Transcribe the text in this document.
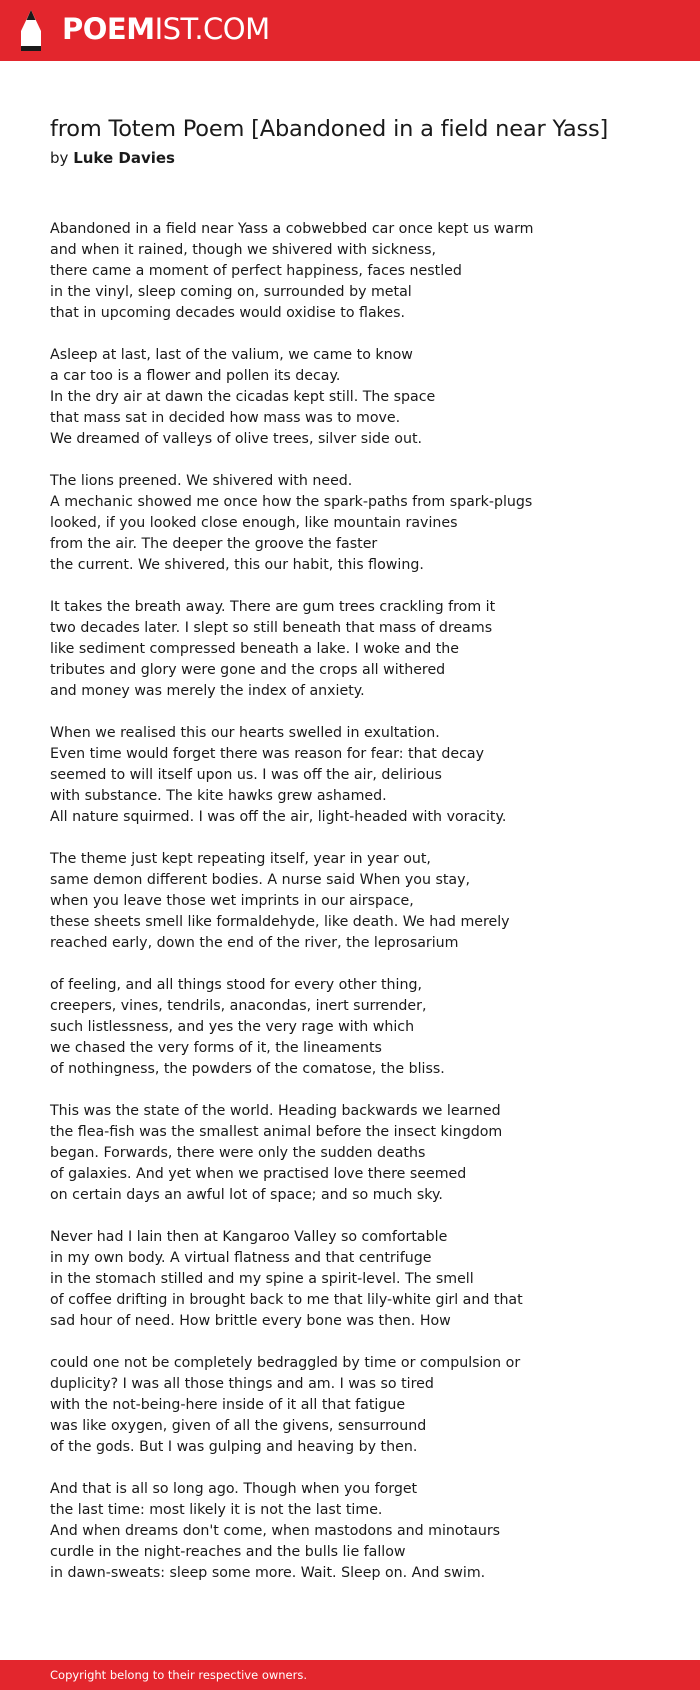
POEMIST.COM
from Totem Poem [Abandoned in a field near Yass]
by Luke Davies
Abandoned in a field near Yass a cobwebbed car once kept us warm
and when it rained, though we shivered with sickness,
there came a moment of perfect happiness, faces nestled
in the vinyl, sleep coming on, surrounded by metal
that in upcoming decades would oxidise to flakes.
Asleep at last, last of the valium, we came to know
a car too is a flower and pollen its decay.
In the dry air at dawn the cicadas kept still. The space
that mass sat in decided how mass was to move.
We dreamed of valleys of olive trees, silver side out.
The lions preened. We shivered with need.
A mechanic showed me once how the spark-paths from spark-plugs
looked, if you looked close enough, like mountain ravines
from the air. The deeper the groove the faster
the current. We shivered, this our habit, this flowing.
It takes the breath away. There are gum trees crackling from it
two decades later. I slept so still beneath that mass of dreams
like sediment compressed beneath a lake. I woke and the
tributes and glory were gone and the crops all withered
and money was merely the index of anxiety.
When we realised this our hearts swelled in exultation.
Even time would forget there was reason for fear: that decay
seemed to will itself upon us. I was off the air, delirious
with substance. The kite hawks grew ashamed.
All nature squirmed. I was off the air, light-headed with voracity.
The theme just kept repeating itself, year in year out,
same demon different bodies. A nurse said When you stay,
when you leave those wet imprints in our airspace,
these sheets smell like formaldehyde, like death. We had merely
reached early, down the end of the river, the leprosarium
of feeling, and all things stood for every other thing,
creepers, vines, tendrils, anacondas, inert surrender,
such listlessness, and yes the very rage with which
we chased the very forms of it, the lineaments
of nothingness, the powders of the comatose, the bliss.
This was the state of the world. Heading backwards we learned
the flea-fish was the smallest animal before the insect kingdom
began. Forwards, there were only the sudden deaths
of galaxies. And yet when we practised love there seemed
on certain days an awful lot of space; and so much sky.
Never had I lain then at Kangaroo Valley so comfortable
in my own body. A virtual flatness and that centrifuge
in the stomach stilled and my spine a spirit-level. The smell
of coffee drifting in brought back to me that lily-white girl and that
sad hour of need. How brittle every bone was then. How
could one not be completely bedraggled by time or compulsion or
duplicity? I was all those things and am. I was so tired
with the not-being-here inside of it all that fatigue
was like oxygen, given of all the givens, sensurround
of the gods. But I was gulping and heaving by then.
And that is all so long ago. Though when you forget
the last time: most likely it is not the last time.
And when dreams don't come, when mastodons and minotaurs
curdle in the night-reaches and the bulls lie fallow
in dawn-sweats: sleep some more. Wait. Sleep on. And swim.
Copyright belong to their respective owners.
